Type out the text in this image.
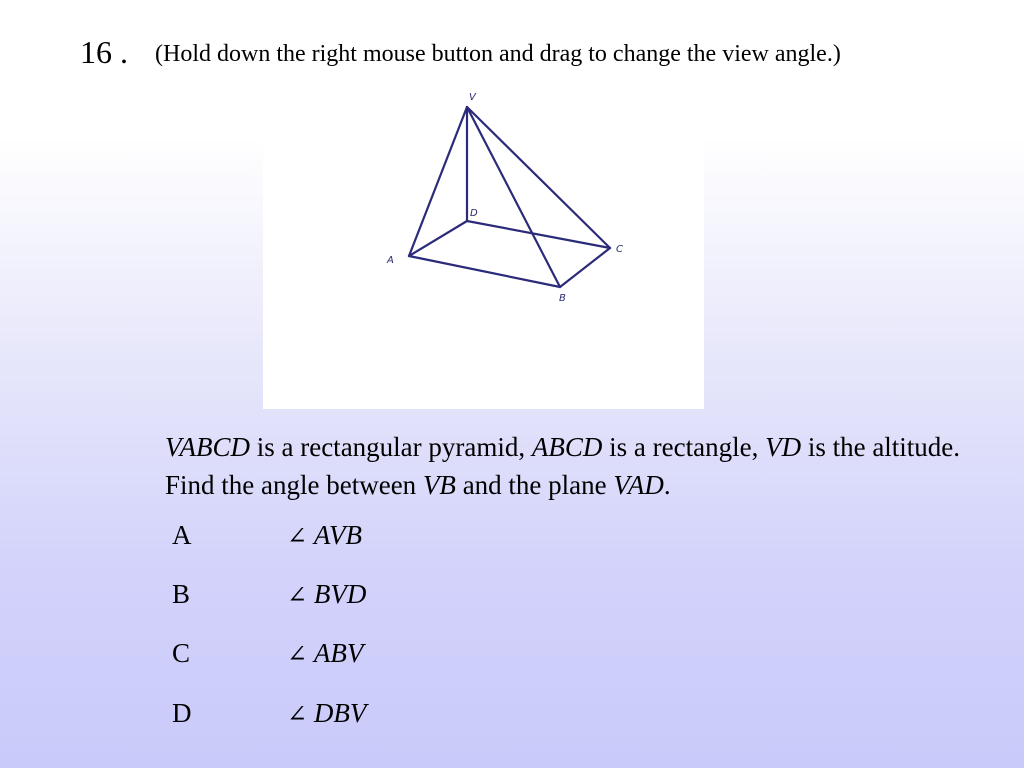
16 . (Hold down the right mouse button and drag to change the view angle.)
V
D
A
C
B
VABCD is a rectangular pyramid, ABCD is a rectangle, VD is the altitude. Find the angle between VB and the plane VAD.
A	∠ AVB
B	∠ BVD
C	∠ ABV
D	∠ DBV
